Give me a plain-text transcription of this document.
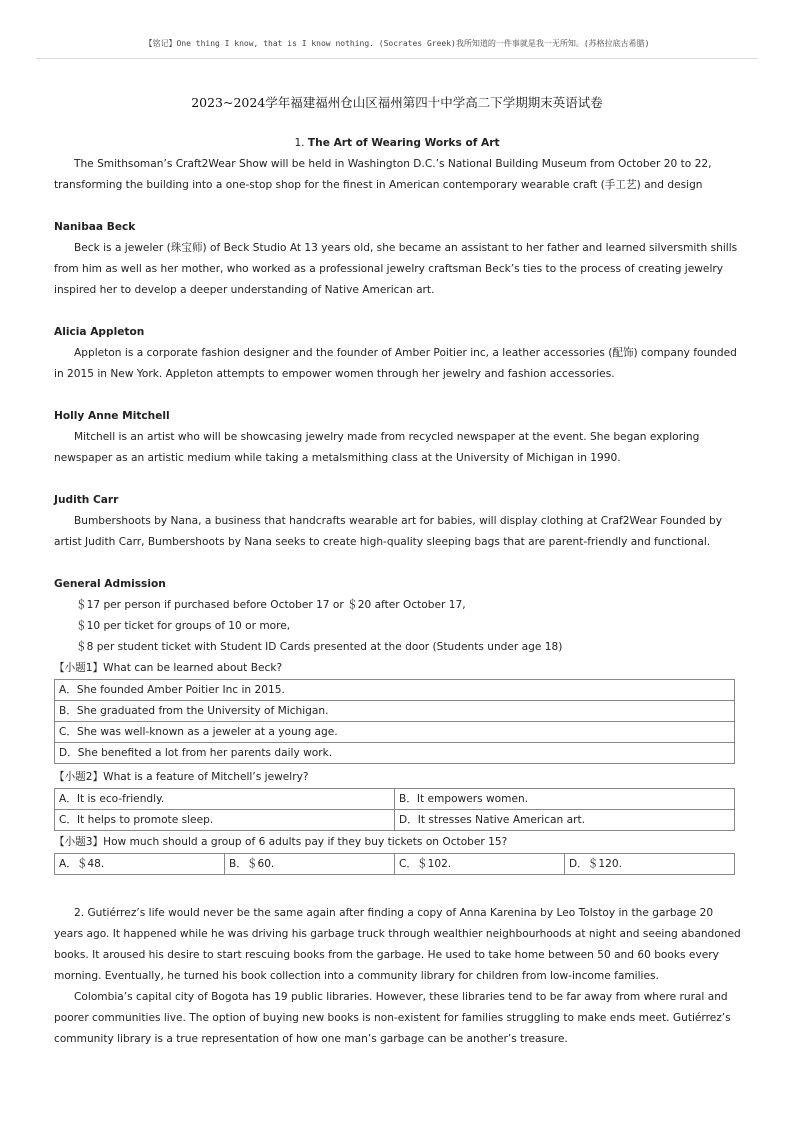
【铭记】One thing I know, that is I know nothing. (Socrates Greek)我所知道的一件事就是我一无所知。(苏格拉底古希腊)
2023~2024学年福建福州仓山区福州第四十中学高二下学期期末英语试卷
1. The Art of Wearing Works of Art

The Smithsoman’s Craft2Wear Show will be held in Washington D.C.’s National Building Museum from October 20 to 22, transforming the building into a one-stop shop for the finest in American contemporary wearable craft (手工艺) and design

Nanibaa Beck

Beck is a jeweler (珠宝师) of Beck Studio At 13 years old, she became an assistant to her father and learned silversmith shills from him as well as her mother, who worked as a professional jewelry craftsman Beck’s ties to the process of creating jewelry inspired her to develop a deeper understanding of Native American art.

Alicia Appleton

Appleton is a corporate fashion designer and the founder of Amber Poitier inc, a leather accessories (配饰) company founded in 2015 in New York. Appleton attempts to empower women through her jewelry and fashion accessories.

Holly Anne Mitchell

Mitchell is an artist who will be showcasing jewelry made from recycled newspaper at the event. She began exploring newspaper as an artistic medium while taking a metalsmithing class at the University of Michigan in 1990.

Judith Carr

Bumbershoots by Nana, a business that handcrafts wearable art for babies, will display clothing at Craf2Wear Founded by artist Judith Carr, Bumbershoots by Nana seeks to create high-quality sleeping bags that are parent-friendly and functional.

General Admission
＄17 per person if purchased before October 17 or ＄20 after October 17,
＄10 per ticket for groups of 10 or more,
＄8 per student ticket with Student ID Cards presented at the door (Students under age 18)
【小题1】What can be learned about Beck?
A．She founded Amber Poitier Inc in 2015.
B．She graduated from the University of Michigan.
C．She was well-known as a jeweler at a young age.
D．She benefited a lot from her parents daily work.
【小题2】What is a feature of Mitchell’s jewelry?
A．It is eco-friendly.	B．It empowers women.
C．It helps to promote sleep.	D．It stresses Native American art.
【小题3】How much should a group of 6 adults pay if they buy tickets on October 15?
A．＄48.	B．＄60.	C．＄102.	D．＄120.

2. Gutiérrez’s life would never be the same again after finding a copy of Anna Karenina by Leo Tolstoy in the garbage 20 years ago. It happened while he was driving his garbage truck through wealthier neighbourhoods at night and seeing abandoned books. It aroused his desire to start rescuing books from the garbage. He used to take home between 50 and 60 books every morning. Eventually, he turned his book collection into a community library for children from low-income families.

Colombia’s capital city of Bogota has 19 public libraries. However, these libraries tend to be far away from where rural and poorer communities live. The option of buying new books is non-existent for families struggling to make ends meet. Gutiérrez’s community library is a true representation of how one man’s garbage can be another’s treasure.
